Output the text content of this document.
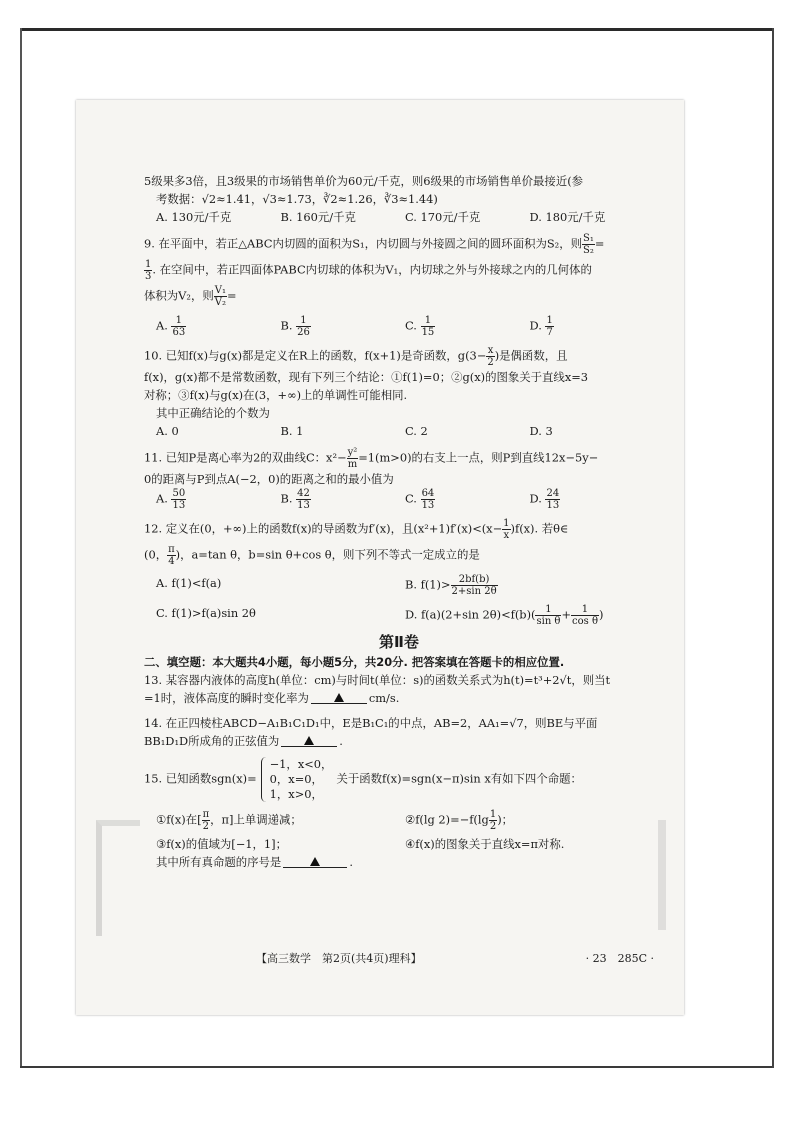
5级果多3倍，且3级果的市场销售单价为60元/千克，则6级果的市场销售单价最接近(参
考数据：√2≈1.41，√3≈1.73，∛2≈1.26，∛3≈1.44)
A. 130元/千克	B. 160元/千克	C. 170元/千克	D. 180元/千克
9. 在平面中，若正△ABC内切圆的面积为S₁，内切圆与外接圆之间的圆环面积为S₂，则 $\frac{\text{S₁}}{\text{S₂}}$ =
$\frac{1}{3}$ . 在空间中，若正四面体PABC内切球的体积为V₁，内切球之外与外接球之内的几何体的
体积为V₂，则 $\frac{\text{V₁}}{\text{V₂}}$ =
A. $\frac{1}{63}$	B. $\frac{1}{26}$	C. $\frac{1}{15}$	D. $\frac{1}{7}$
10. 已知f(x)与g(x)都是定义在R上的函数，f(x+1)是奇函数，$g(3- \frac{x}{2}$ )是偶函数，且
f(x)，g(x)都不是常数函数，现有下列三个结论：①f(1)=0；②g(x)的图象关于直线x=3
对称；③f(x)与g(x)在(3，+∞)上的单调性可能相同.
其中正确结论的个数为
A. 0	B. 1	C. 2	D. 3
11. 已知P是离心率为2的双曲线C：$x^2- \frac{\text{y²}}{m} =1(m>0)$的右支上一点，则P到直线12x−5y−
0的距离与P到点A(−2，0)的距离之和的最小值为
A. $\frac{50}{13}$	B. $\frac{42}{13}$	C. $\frac{64}{13}$	D. $\frac{24}{13}$
12. 定义在(0，+∞)上的函数f(x)的导函数为f′(x)，且$(x^2+1)f'(x)<(x- \frac{1}{x} )f(x)$. 若θ∈
(0， $\frac{\pi}{4}$ )，a=tan θ，b=sin θ+cos θ，则下列不等式一定成立的是
A. f(1)<f(a)	B. $f(1)> \frac{2bf(b)}{2+\sin 2\theta}$
C. f(1)>f(a)sin 2θ	D. f(a)(2+sin $2\theta)<f(b)( \frac{1}{\text{sin θ}} + \frac{1}{\text{cos θ}}$ )
第Ⅱ卷
二、填空题：本大题共4小题，每小题5分，共20分. 把答案填在答题卡的相应位置.
13. 某容器内液体的高度h(单位：cm)与时间t(单位：s)的函数关系式为h(t)=t³+2√t，则当t
=1时，液体高度的瞬时变化率为	cm/s.
14. 在正四棱柱ABCD−A₁B₁C₁D₁中，E是B₁C₁的中点，AB=2，AA₁=√7，则BE与平面
BB₁D₁D所成角的正弦值为	.
15. 已知函数sgn(x)=
−1，x<0，
0，x=0，
1，x>0，
关于函数f(x)=sgn(x−π)sin x有如下四个命题：
①f(x)在[ $\frac{\pi}{2}$ ，π]上单调递减；	②f(lg $2)=-f(\lg \frac{1}{2}$ )；
③f(x)的值域为[−1，1]；	④f(x)的图象关于直线x=π对称.
其中所有真命题的序号是	.
【高三数学　第2页(共4页)理科】	· 23　285C ·
